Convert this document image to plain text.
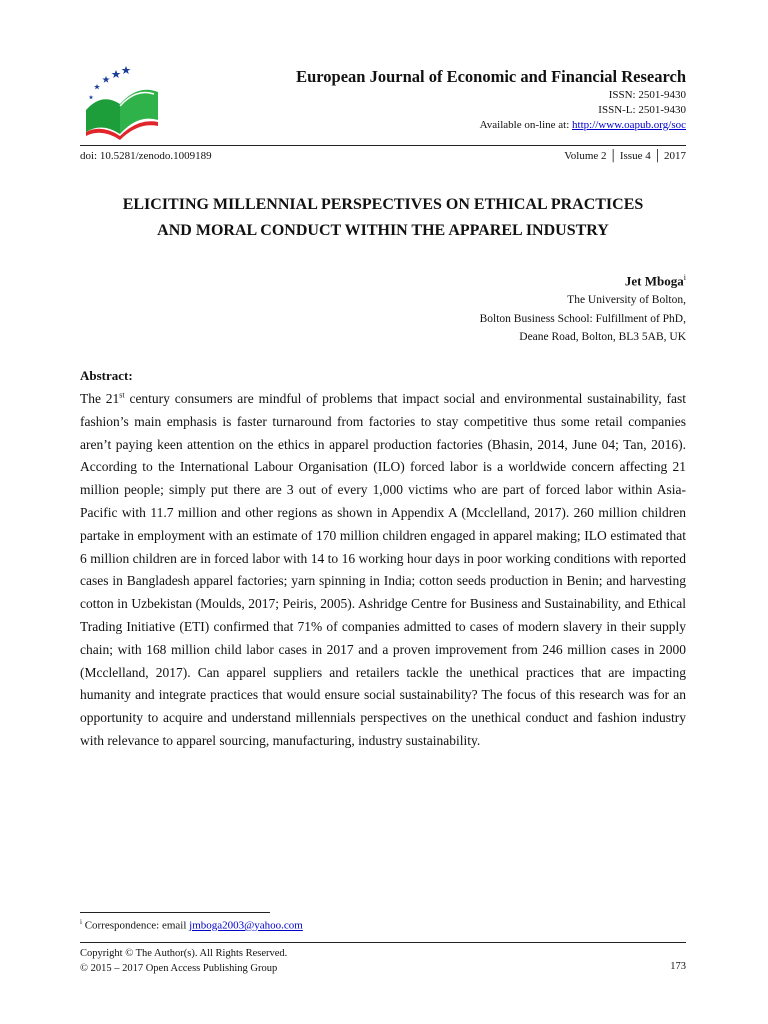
European Journal of Economic and Financial Research
ISSN: 2501-9430
ISSN-L: 2501-9430
Available on-line at: http://www.oapub.org/soc
doi: 10.5281/zenodo.1009189	Volume 2 │ Issue 4 │ 2017
ELICITING MILLENNIAL PERSPECTIVES ON ETHICAL PRACTICES
AND MORAL CONDUCT WITHIN THE APPAREL INDUSTRY
Jet Mboga$^i$
The University of Bolton,
Bolton Business School: Fulfillment of PhD,
Deane Road, Bolton, BL3 5AB, UK
Abstract:
The 21st century consumers are mindful of problems that impact social and environmental sustainability, fast fashion’s main emphasis is faster turnaround from factories to stay competitive thus some retail companies aren’t paying keen attention on the ethics in apparel production factories (Bhasin, 2014, June 04; Tan, 2016). According to the International Labour Organisation (ILO) forced labor is a worldwide concern affecting 21 million people; simply put there are 3 out of every 1,000 victims who are part of forced labor within Asia-Pacific with 11.7 million and other regions as shown in Appendix A (Mcclelland, 2017). 260 million children partake in employment with an estimate of 170 million children engaged in apparel making; ILO estimated that 6 million children are in forced labor with 14 to 16 working hour days in poor working conditions with reported cases in Bangladesh apparel factories; yarn spinning in India; cotton seeds production in Benin; and harvesting cotton in Uzbekistan (Moulds, 2017; Peiris, 2005). Ashridge Centre for Business and Sustainability, and Ethical Trading Initiative (ETI) confirmed that 71% of companies admitted to cases of modern slavery in their supply chain; with 168 million child labor cases in 2017 and a proven improvement from 246 million cases in 2000 (Mcclelland, 2017). Can apparel suppliers and retailers tackle the unethical practices that are impacting humanity and integrate practices that would ensure social sustainability? The focus of this research was for an opportunity to acquire and understand millennials perspectives on the unethical conduct and fashion industry with relevance to apparel sourcing, manufacturing, industry sustainability.
$^i$ Correspondence: email jmboga2003@yahoo.com
Copyright © The Author(s). All Rights Reserved.
© 2015 – 2017 Open Access Publishing Group	173
